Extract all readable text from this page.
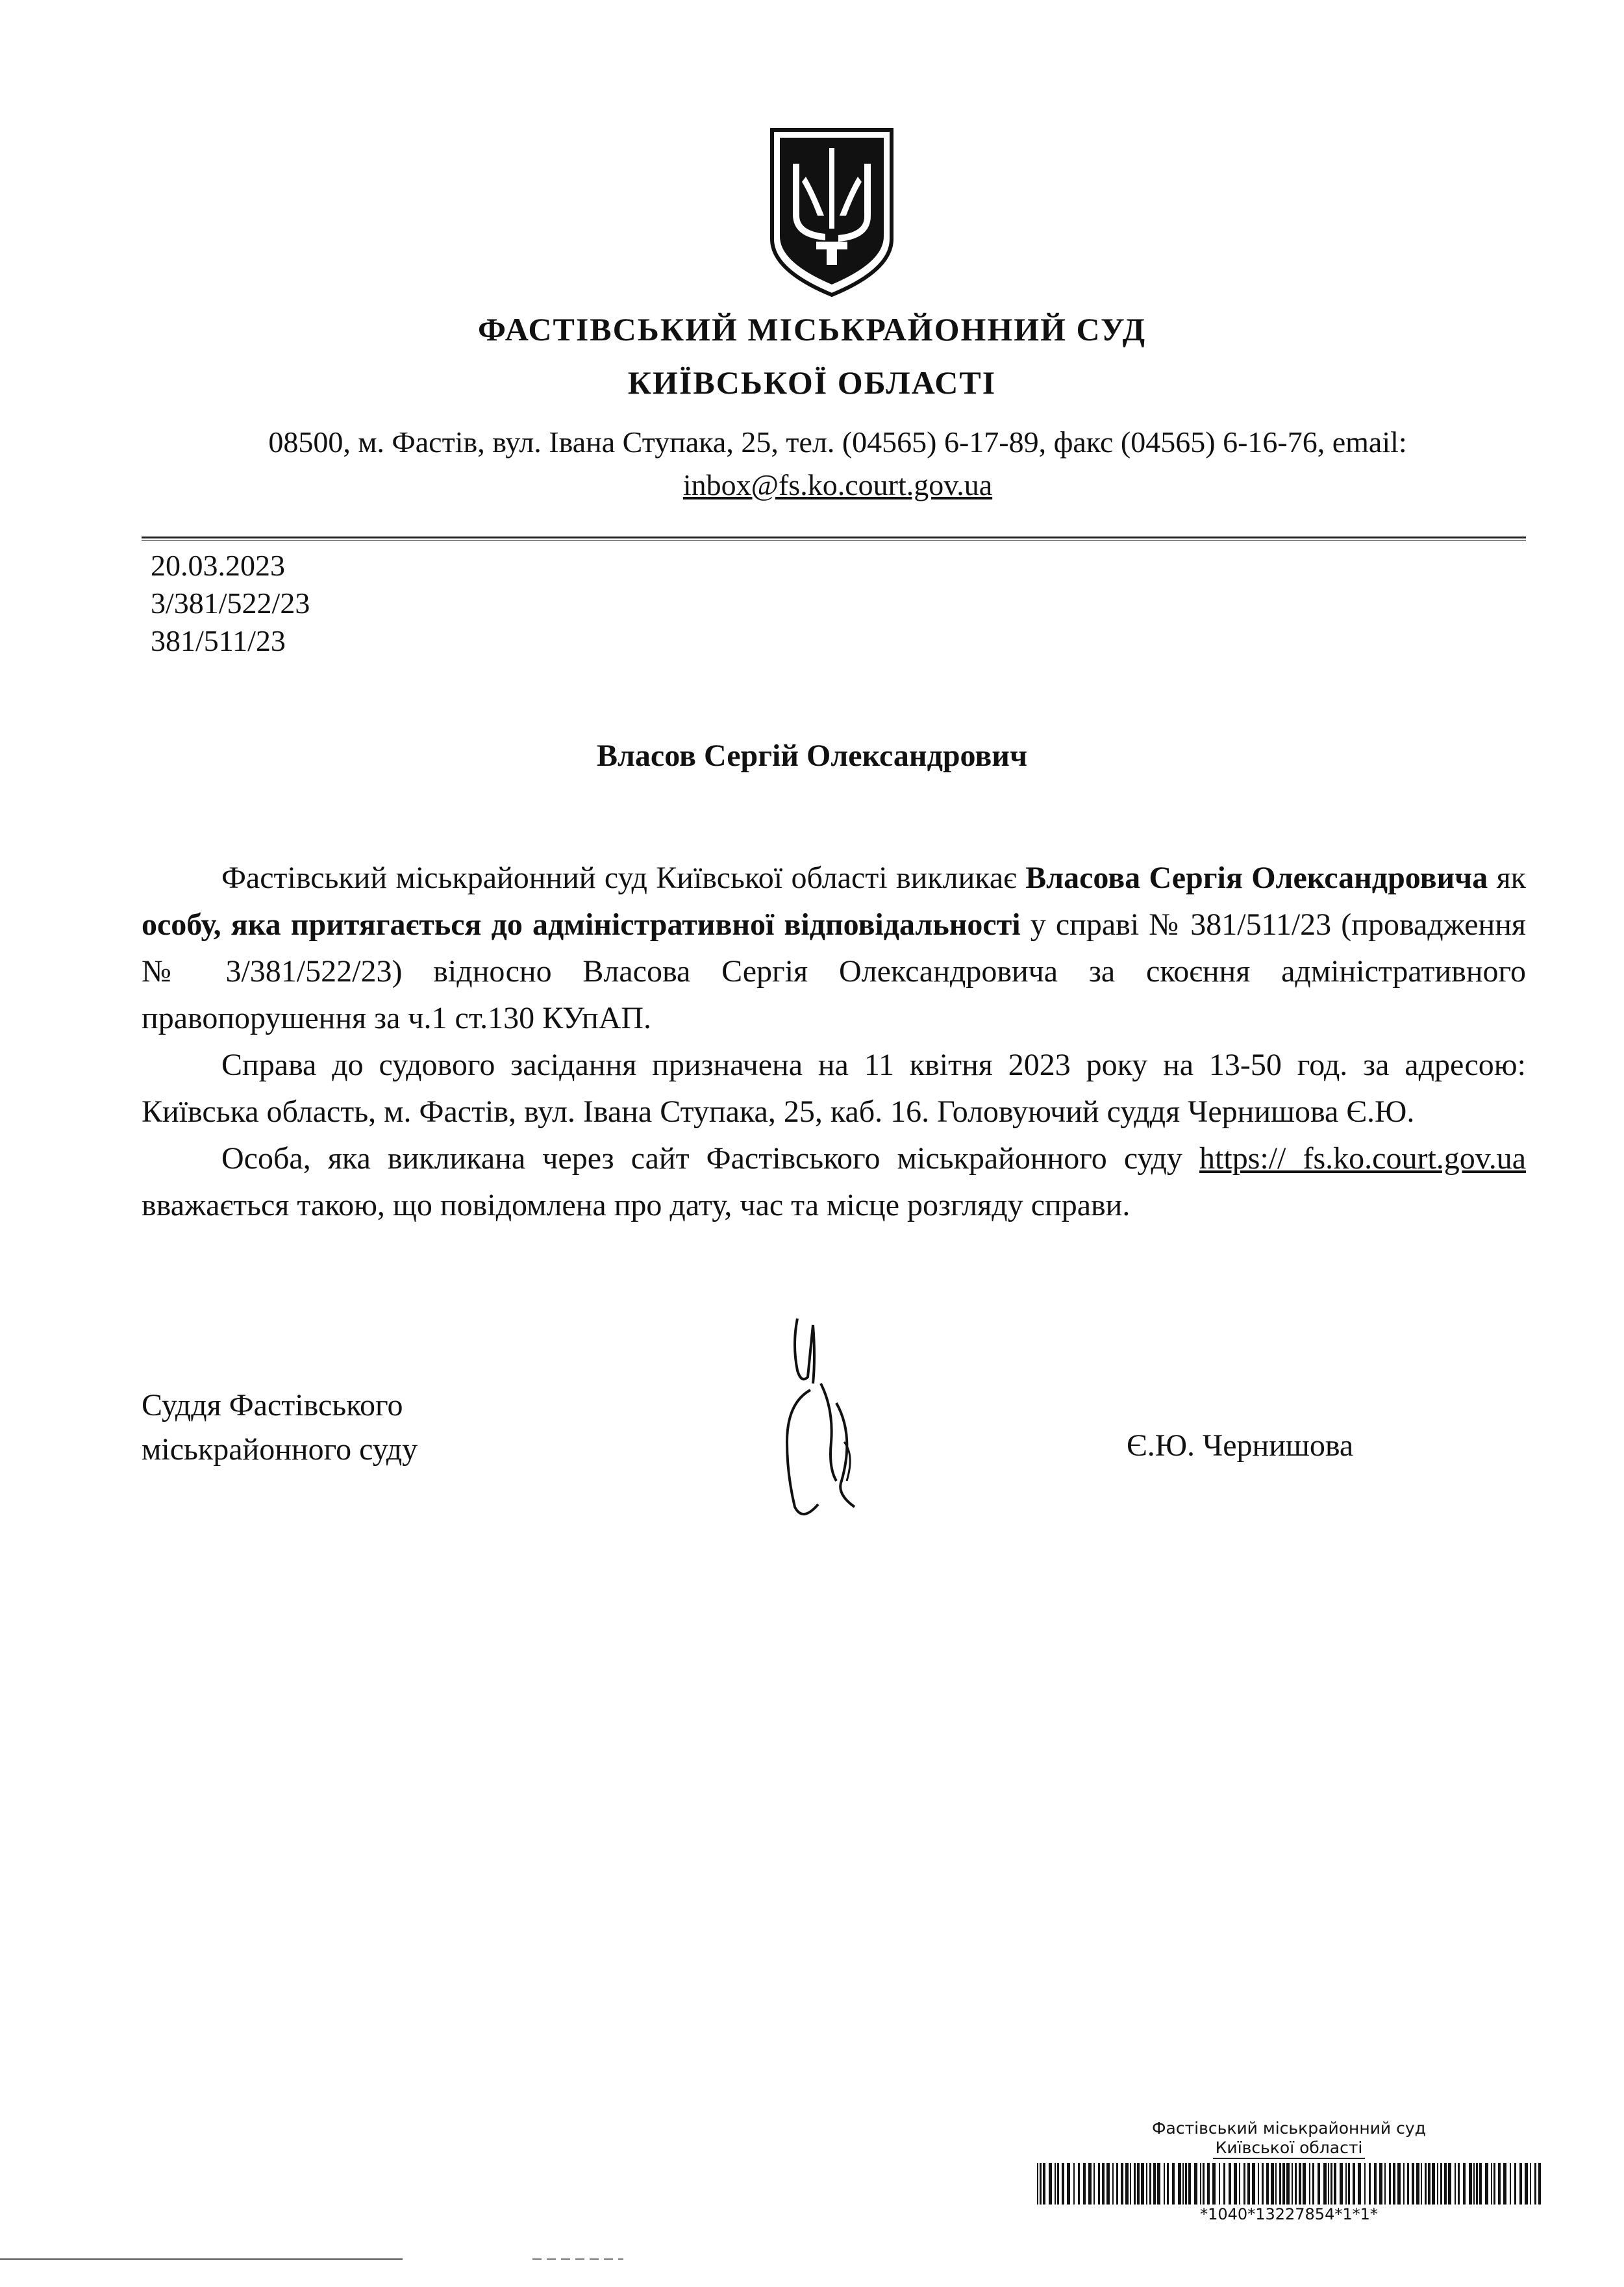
ФАСТІВСЬКИЙ МІСЬКРАЙОННИЙ СУД
КИЇВСЬКОЇ ОБЛАСТІ
08500, м. Фастів, вул. Івана Ступака, 25, тел. (04565) 6-17-89, факс (04565) 6-16-76, email:
inbox@fs.ko.court.gov.ua
20.03.2023
3/381/522/23
381/511/23
Власов Сергій Олександрович

Фастівський міськрайонний суд Київської області викликає Власова Сергія Олександровича як особу, яка притягається до адміністративної відповідальності у справі № 381/511/23 (провадження № 3/381/522/23) відносно Власова Сергія Олександровича за скоєння адміністративного правопорушення за ч.1 ст.130 КУпАП.

Справа до судового засідання призначена на 11 квітня 2023 року на 13-50 год. за адресою: Київська область, м. Фастів, вул. Івана Ступака, 25, каб. 16. Головуючий суддя Чернишова Є.Ю.

Особа, яка викликана через сайт Фастівського міськрайонного суду https:// fs.ko.court.gov.ua вважається такою, що повідомлена про дату, час та місце розгляду справи.

Суддя Фастівського
міськрайонного суду	Є.Ю. Чернишова
Фастівський міськрайонний суд
Київської області
*1040*13227854*1*1*
